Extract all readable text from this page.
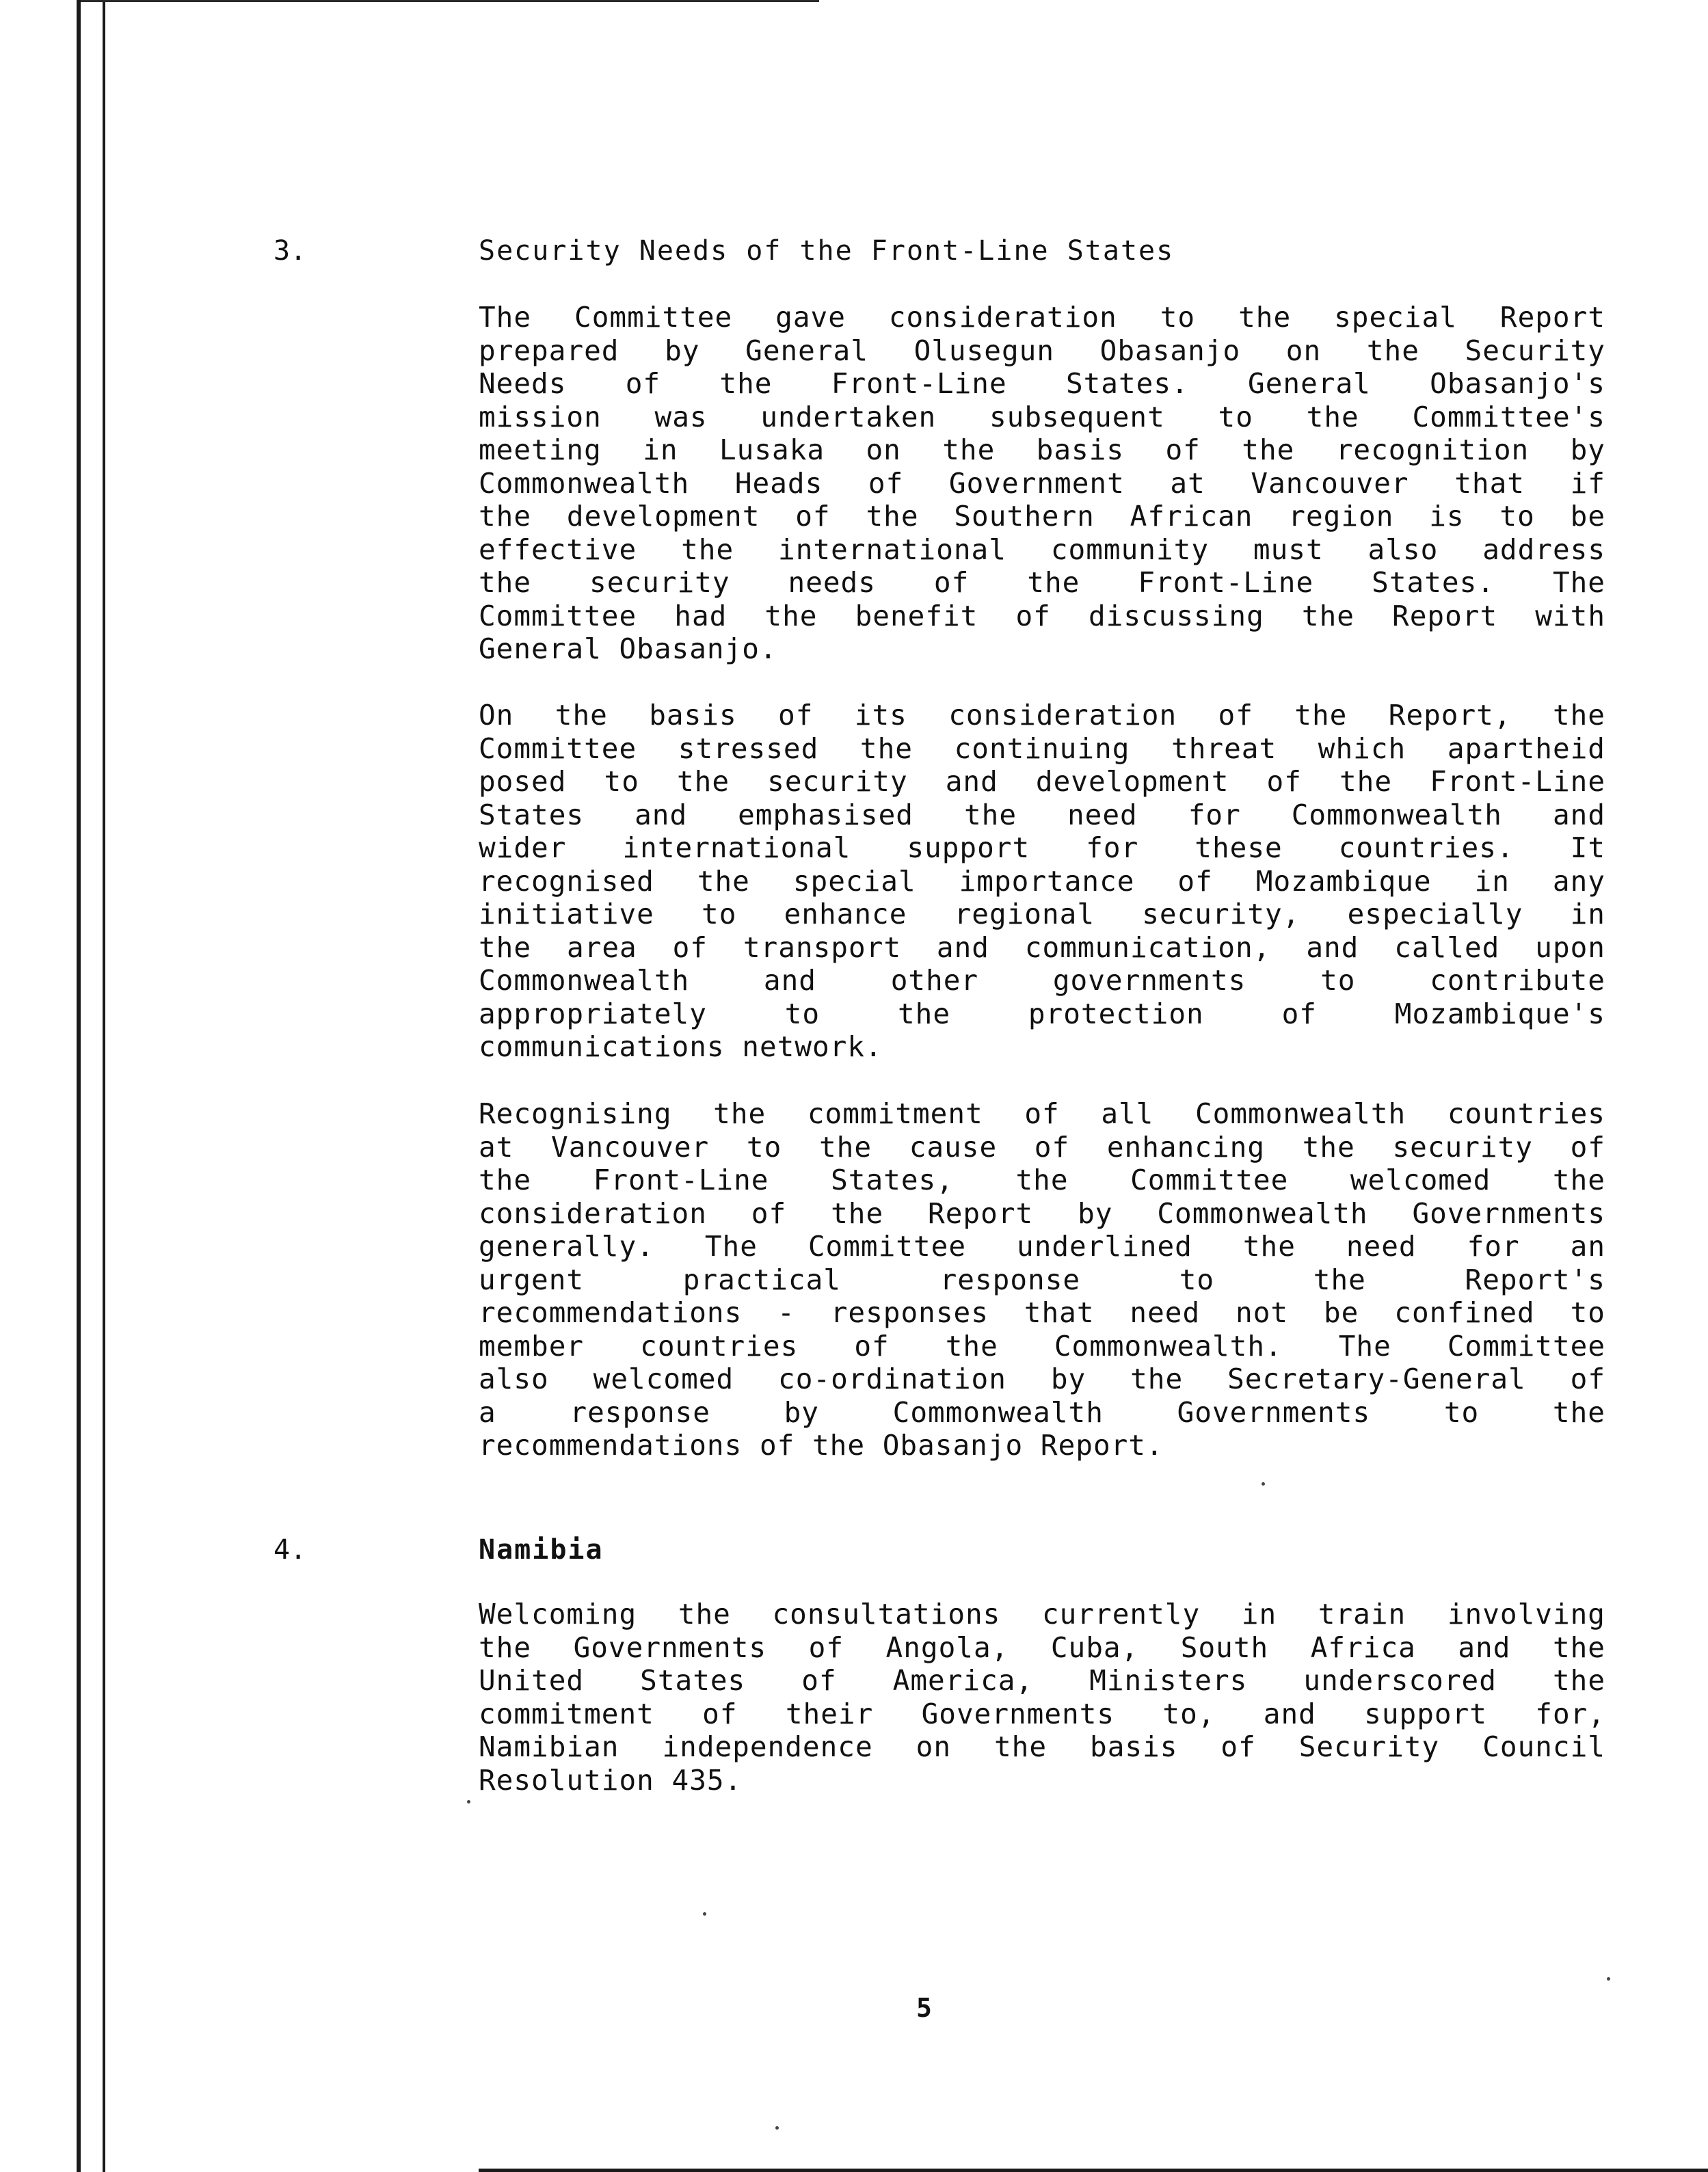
3.	Security Needs of the Front-Line States
The Committee gave consideration to the special Report
prepared by General Olusegun Obasanjo on the Security
Needs of the Front-Line States. General Obasanjo's
mission was undertaken subsequent to the Committee's
meeting in Lusaka on the basis of the recognition by
Commonwealth Heads of Government at Vancouver that if
the development of the Southern African region is to be
effective the international community must also address
the security needs of the Front-Line States. The
Committee had the benefit of discussing the Report with
General Obasanjo.
On the basis of its consideration of the Report, the
Committee stressed the continuing threat which apartheid
posed to the security and development of the Front-Line
States and emphasised the need for Commonwealth and
wider international support for these countries. It
recognised the special importance of Mozambique in any
initiative to enhance regional security, especially in
the area of transport and communication, and called upon
Commonwealth and other governments to contribute
appropriately to the protection of Mozambique's
communications network.
Recognising the commitment of all Commonwealth countries
at Vancouver to the cause of enhancing the security of
the Front-Line States, the Committee welcomed the
consideration of the Report by Commonwealth Governments
generally. The Committee underlined the need for an
urgent practical response to the Report's
recommendations - responses that need not be confined to
member countries of the Commonwealth. The Committee
also welcomed co-ordination by the Secretary-General of
a response by Commonwealth Governments to the
recommendations of the Obasanjo Report.
4.	Namibia
Welcoming the consultations currently in train involving
the Governments of Angola, Cuba, South Africa and the
United States of America, Ministers underscored the
commitment of their Governments to, and support for,
Namibian independence on the basis of Security Council
Resolution 435.
5
